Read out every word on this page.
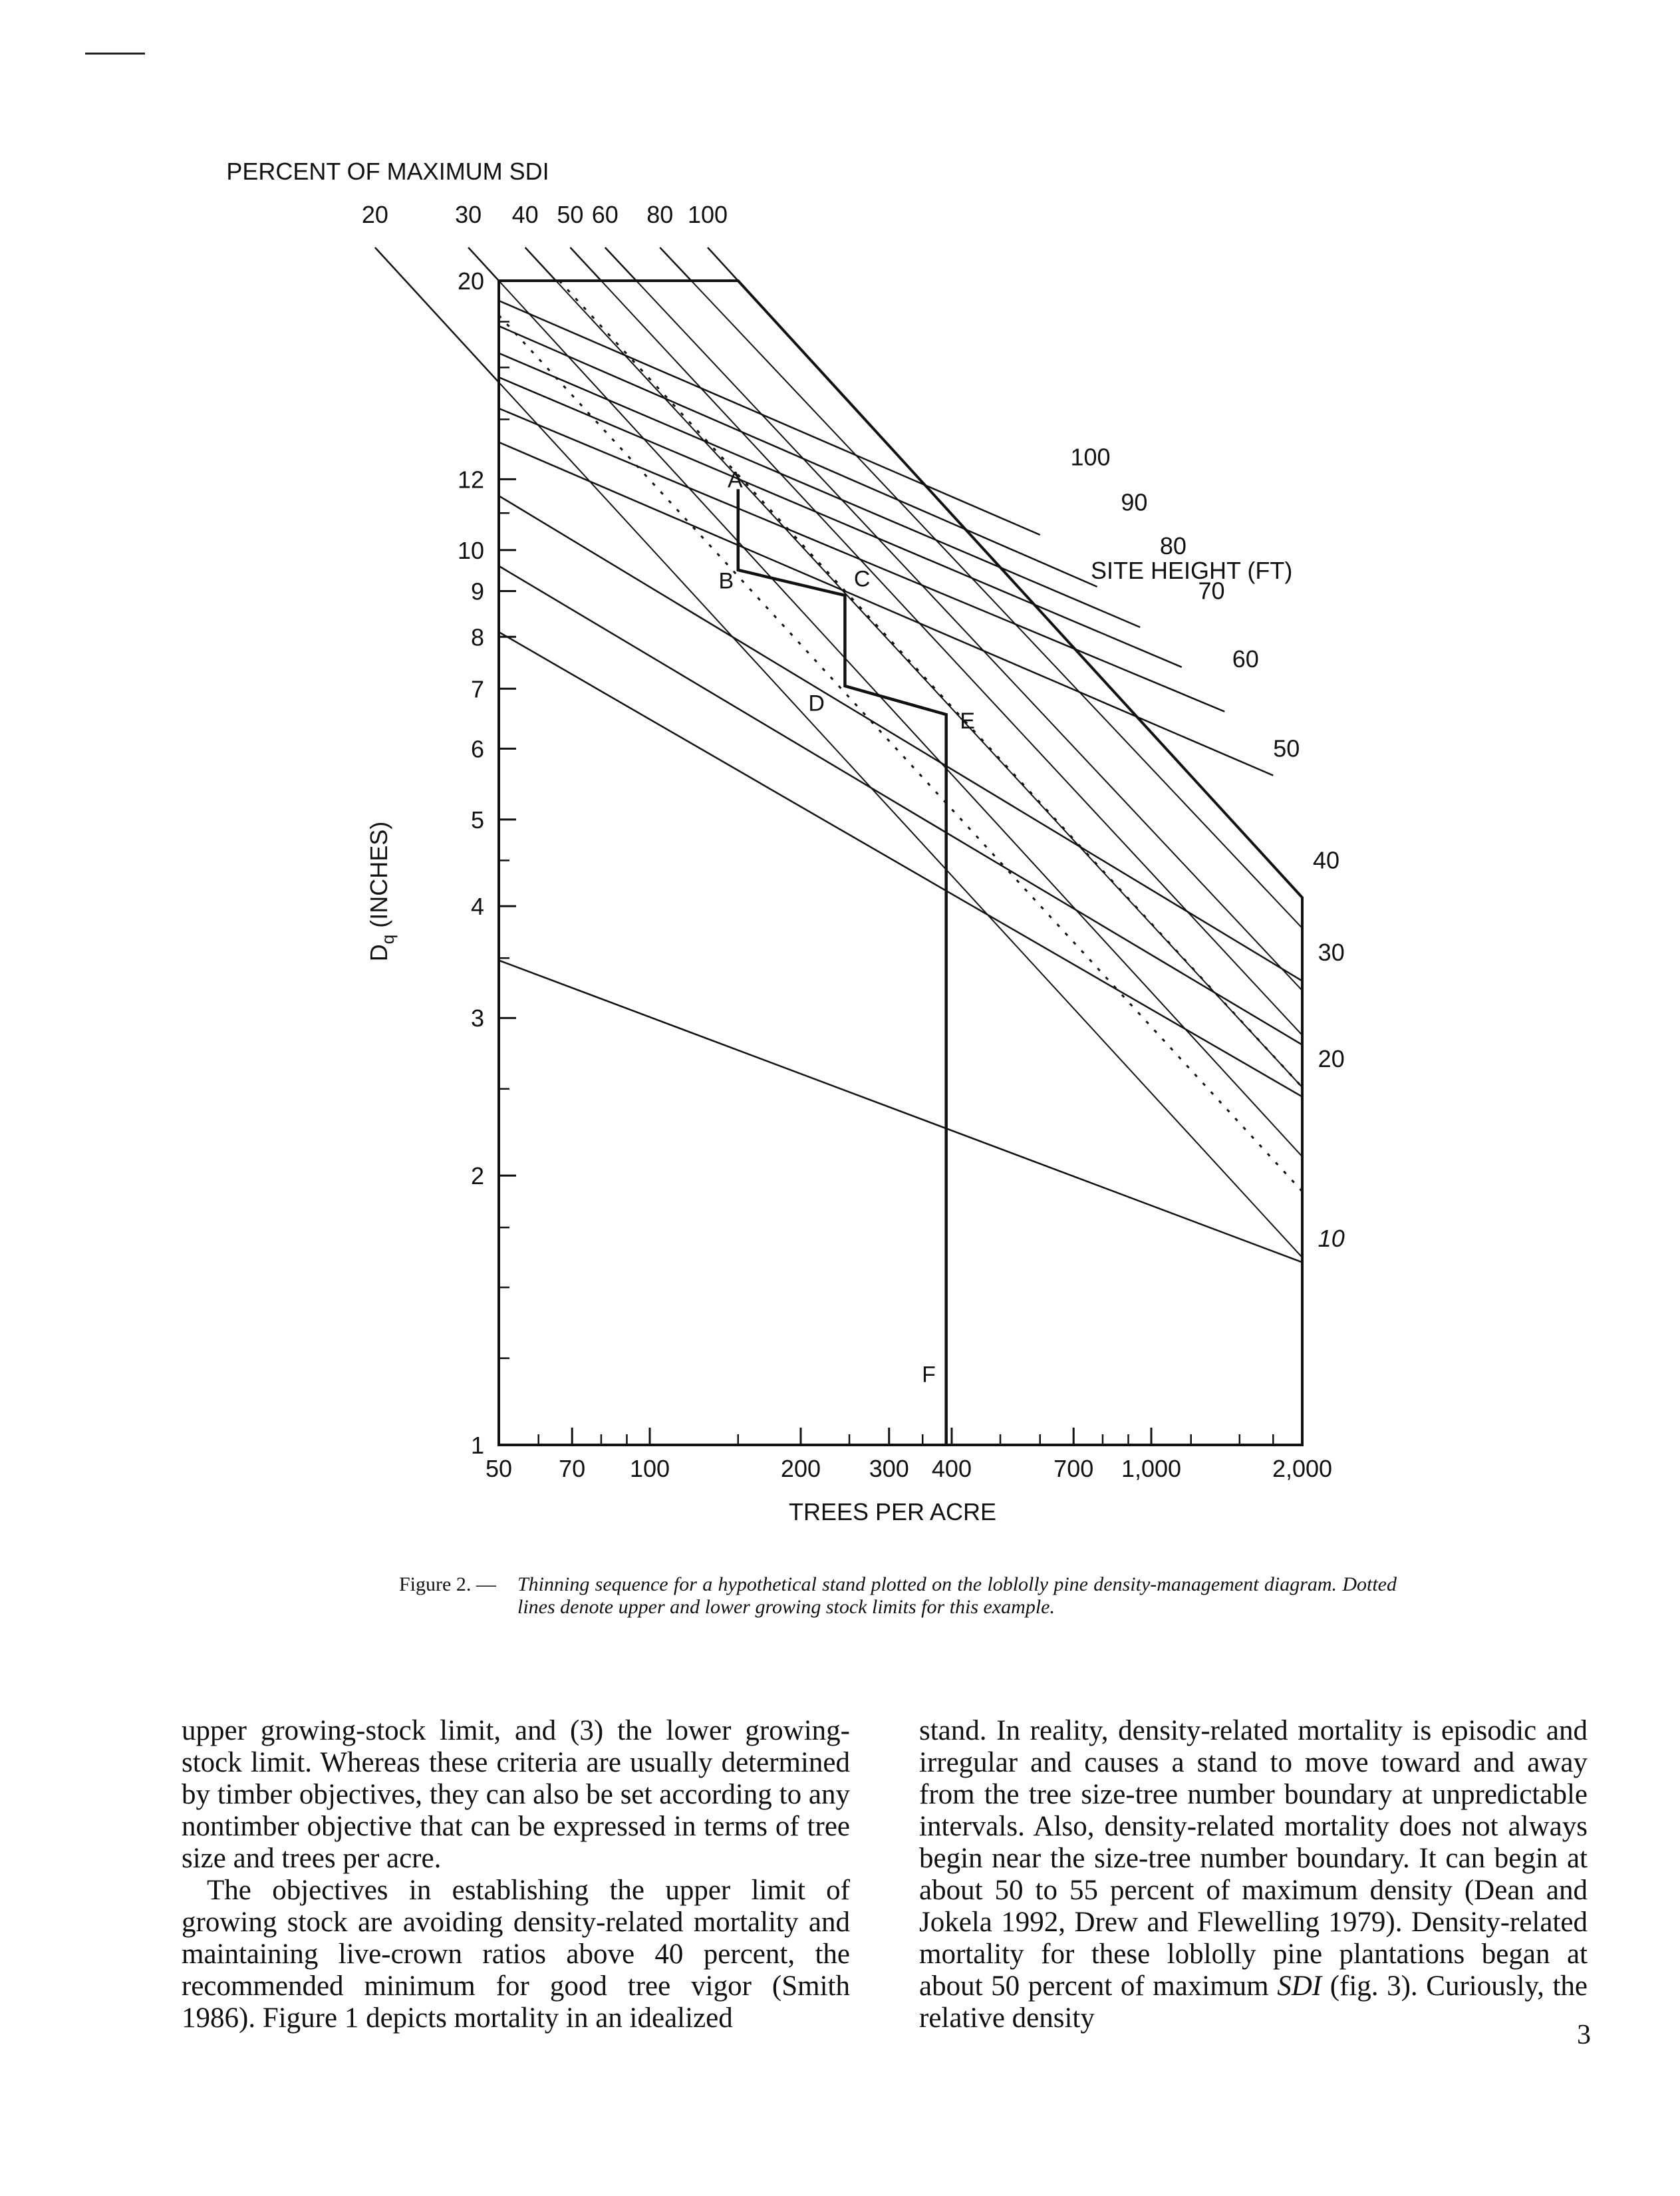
50 70 100	200 300 400	700 1,000	2,000
1
2
3
4
5
6
7
8
9
10
12
20
20	30 40 50 60 80 100
100
90
80
70
60
50
40
30
20
10
A
B	C
D
E
F
PERCENT OF MAXIMUM SDI
TREES PER ACRE
$D_q$ (INCHES)
SITE HEIGHT (FT)
Figure 2. — Thinning sequence for a hypothetical stand plotted on the loblolly pine density-management diagram. Dotted lines denote upper and lower growing stock limits for this example.

upper growing-stock limit, and (3) the lower growing-stock limit. Whereas these criteria are usually determined by timber objectives, they can also be set according to any nontimber objective that can be expressed in terms of tree size and trees per acre.

The objectives in establishing the upper limit of growing stock are avoiding density-related mortality and maintaining live-crown ratios above 40 percent, the recommended minimum for good tree vigor (Smith 1986). Figure 1 depicts mortality in an idealized

stand. In reality, density-related mortality is episodic and irregular and causes a stand to move toward and away from the tree size-tree number boundary at unpredictable intervals. Also, density-related mortality does not always begin near the size-tree number boundary. It can begin at about 50 to 55 percent of maximum density (Dean and Jokela 1992, Drew and Flewelling 1979). Density-related mortality for these loblolly pine plantations began at about 50 percent of maximum SDI (fig. 3). Curiously, the relative density

3
